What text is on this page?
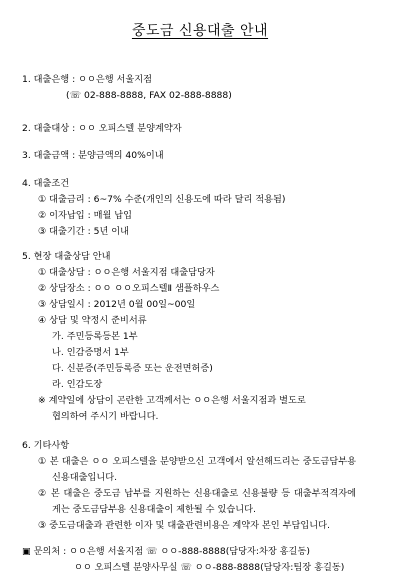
중도금 신용대출 안내
1. 대출은행 : ㅇㅇ은행 서울지점
(☏ 02-888-8888, FAX 02-888-8888)
2. 대출대상 : ㅇㅇ 오피스텔 분양계약자
3. 대출금액 : 분양금액의 40%이내
4. 대출조건
① 대출금리 : 6~7% 수준(개인의 신용도에 따라 달리 적용됨)
② 이자납입 : 매월 납입
③ 대출기간 : 5년 이내
5. 현장 대출상담 안내
① 대출상담 : ㅇㅇ은행 서울지점 대출담당자
② 상담장소 : ㅇㅇ ㅇㅇ오피스텔Ⅱ 샘플하우스
③ 상담일시 : 2012년 0월 00일~00일
④ 상담 및 약정시 준비서류
가. 주민등록등본 1부
나. 인감증명서 1부
다. 신분증(주민등록증 또는 운전면허증)
라. 인감도장
※ 계약일에 상담이 곤란한 고객께서는 ㅇㅇ은행 서울지점과 별도로
협의하여 주시기 바랍니다.
6. 기타사항
① 본 대출은 ㅇㅇ 오피스텔을 분양받으신 고객에서 알선해드리는 중도금담부용
신용대출입니다.
② 본 대출은 중도금 납부를 지원하는 신용대출로 신용불량 등 대출부적격자에
게는 중도금담부용 신용대출이 제한될 수 있습니다.
③ 중도금대출과 관련한 이자 및 대출관련비용은 계약자 본인 부담입니다.
▣ 문의처 : ㅇㅇ은행 서울지점 ☏ ㅇㅇ-888-8888(담당자:차장 홍길동)
ㅇㅇ 오피스텔 분양사무실 ☏ ㅇㅇ-888-8888(담당자:팀장 홍길동)
